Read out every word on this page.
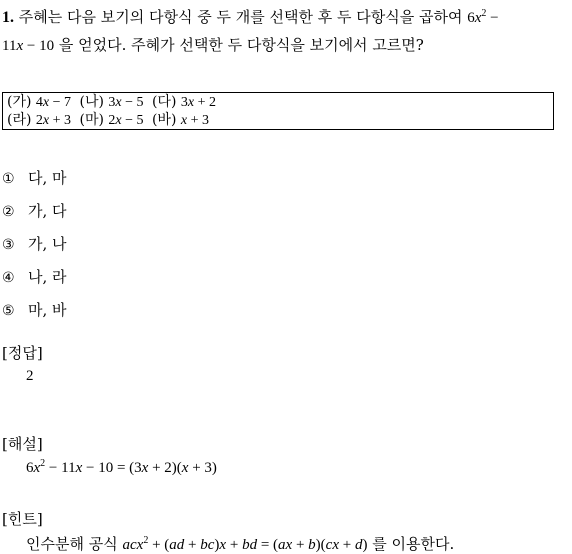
1. 주혜는 다음 보기의 다항식 중 두 개를 선택한 후 두 다항식을 곱하여 $6x^2$ −
11x − 10 을 얻었다. 주혜가 선택한 두 다항식을 보기에서 고르면?
(가) 4x − 7 (나) 3x − 5 (다) 3x + 2
(라) 2x + 3 (마) 2x − 5 (바) x + 3
① 다, 마
② 가, 다
③ 가, 나
④ 나, 라
⑤ 마, 바
[정답]
2
[해설]
$6x^2 - 11x - 10 = (3x + 2)(x + 3)$
[힌트]
인수분해 공식 acx$^2$ + (ad + bc)x + bd = (ax + b)(cx + d) 를 이용한다.
